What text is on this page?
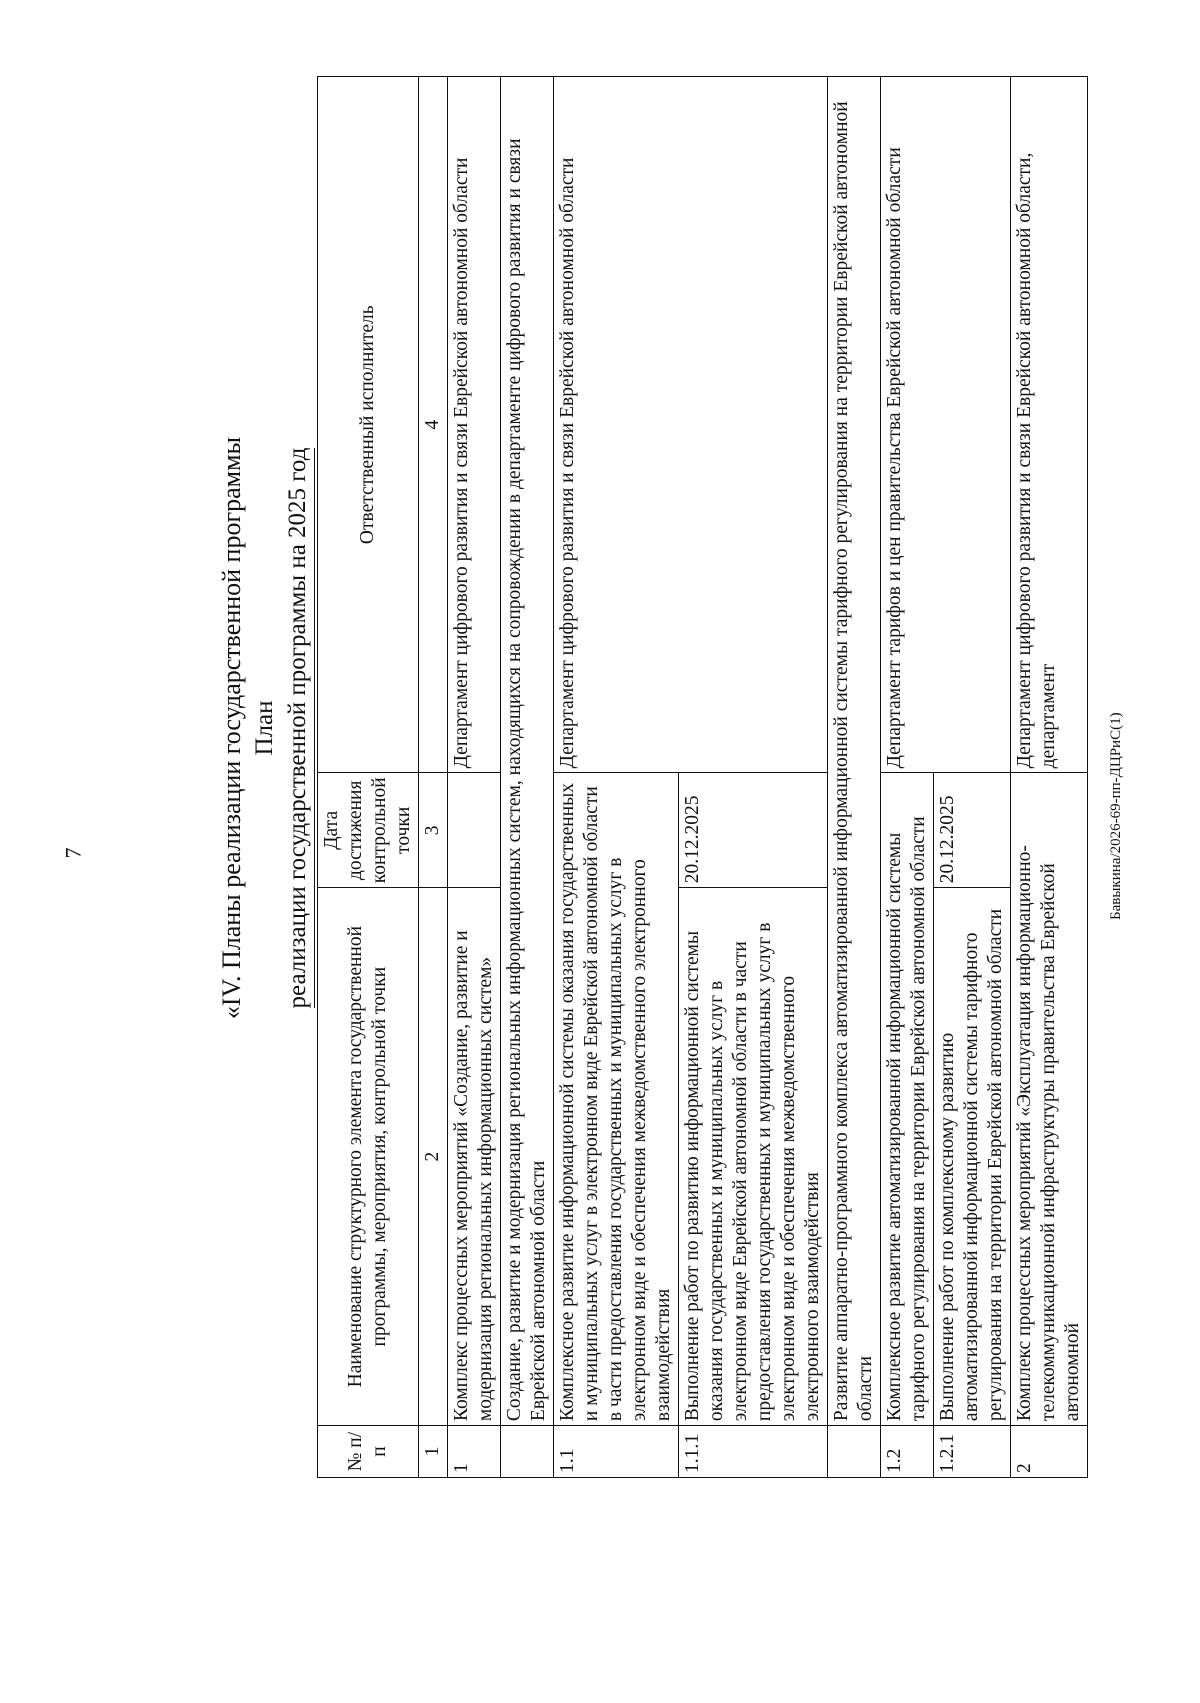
7	Бавыкина/2026-69-пп-ДЦРиС(1)
«IV. Планы реализации государственной программы План реализации государственной программы на 2025 год
№ п/п	Наименование структурного элемента государственной программы, мероприятия, контрольной точки	Дата достижения контрольной точки	Ответственный исполнитель
1	2	3	4
1	Комплекс процессных мероприятий «Создание, развитие и модернизация региональных информационных систем»		Департамент цифрового развития и связи Еврейской автономной области
	Создание, развитие и модернизация региональных информационных систем, находящихся на сопровождении в департаменте цифрового развития и связи Еврейской автономной области		
1.1	Комплексное развитие информационной системы оказания государственных и муниципальных услуг в электронном виде Еврейской автономной области в части предоставления государственных и муниципальных услуг в электронном виде и обеспечения межведомственного электронного взаимодействия		Департамент цифрового развития и связи Еврейской автономной области
1.1.1	Выполнение работ по развитию информационной системы оказания государственных и муниципальных услуг в электронном виде Еврейской автономной области в части предоставления государственных и муниципальных услуг в электронном виде и обеспечения межведомственного электронного взаимодействия	20.12.2025	
	Развитие аппаратно-программного комплекса автоматизированной информационной системы тарифного регулирования на территории Еврейской автономной области		
1.2	Комплексное развитие автоматизированной информационной системы тарифного регулирования на территории Еврейской автономной области		Департамент тарифов и цен правительства Еврейской автономной области
1.2.1	Выполнение работ по комплексному развитию автоматизированной информационной системы тарифного регулирования на территории Еврейской автономной области	20.12.2025	
2	Комплекс процессных мероприятий «Эксплуатация информационно-телекоммуникационной инфраструктуры правительства Еврейской автономной		Департамент цифрового развития и связи Еврейской автономной области, департамент
